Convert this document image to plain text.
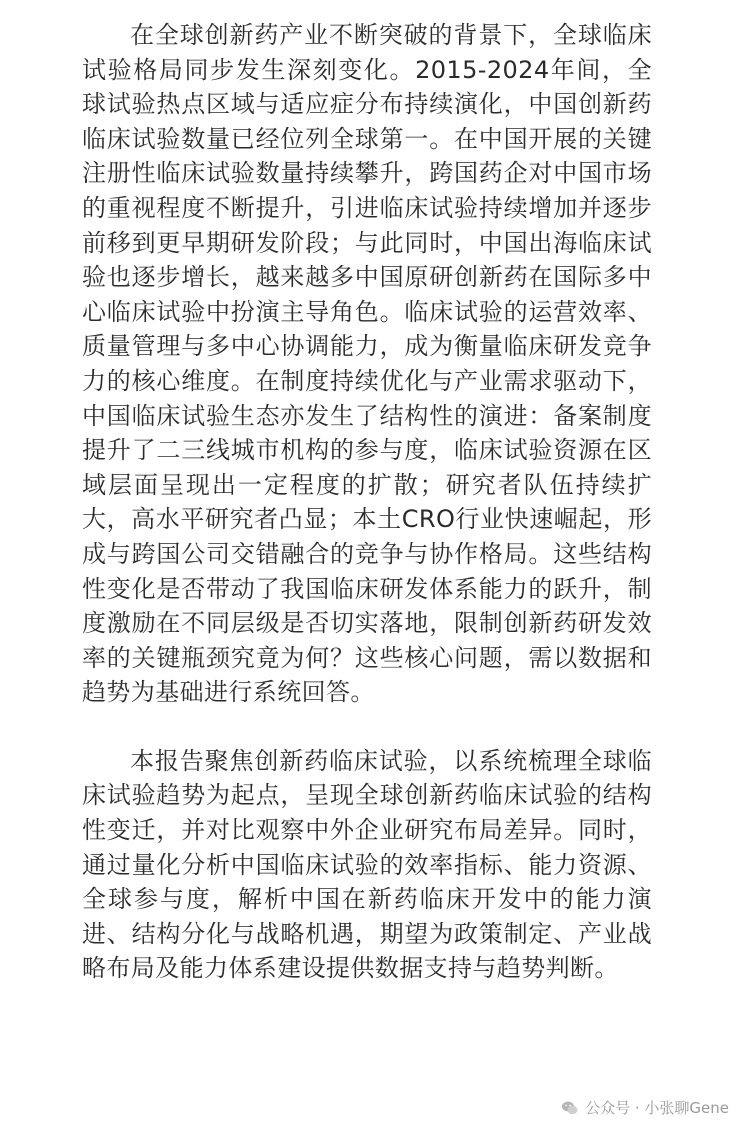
在全球创新药产业不断突破的背景下，全球临床试验格局同步发生深刻变化。2015-2024年间，全球试验热点区域与适应症分布持续演化，中国创新药临床试验数量已经位列全球第一。在中国开展的关键注册性临床试验数量持续攀升，跨国药企对中国市场的重视程度不断提升，引进临床试验持续增加并逐步前移到更早期研发阶段；与此同时，中国出海临床试验也逐步增长，越来越多中国原研创新药在国际多中心临床试验中扮演主导角色。临床试验的运营效率、质量管理与多中心协调能力，成为衡量临床研发竞争力的核心维度。在制度持续优化与产业需求驱动下，中国临床试验生态亦发生了结构性的演进：备案制度提升了二三线城市机构的参与度，临床试验资源在区域层面呈现出一定程度的扩散；研究者队伍持续扩大，高水平研究者凸显；本土CRO行业快速崛起，形成与跨国公司交错融合的竞争与协作格局。这些结构性变化是否带动了我国临床研发体系能力的跃升，制度激励在不同层级是否切实落地，限制创新药研发效率的关键瓶颈究竟为何？这些核心问题，需以数据和趋势为基础进行系统回答。

本报告聚焦创新药临床试验，以系统梳理全球临床试验趋势为起点，呈现全球创新药临床试验的结构性变迁，并对比观察中外企业研究布局差异。同时，通过量化分析中国临床试验的效率指标、能力资源、全球参与度，解析中国在新药临床开发中的能力演进、结构分化与战略机遇，期望为政策制定、产业战略布局及能力体系建设提供数据支持与趋势判断。

公众号 · 小张聊Gene
